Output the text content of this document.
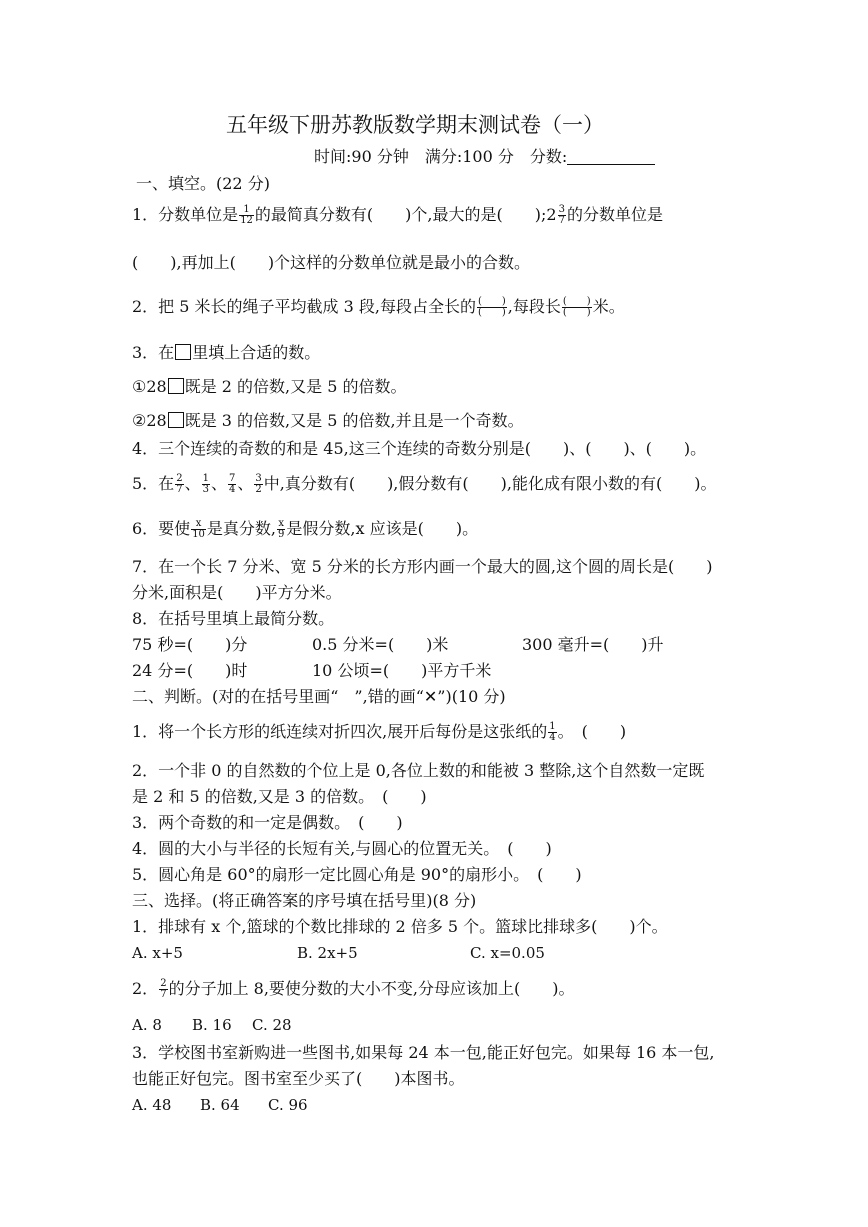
五年级下册苏教版数学期末测试卷（一）
时间:90 分钟　满分:100 分　分数:
一、填空。(22 分)
1．分数单位是 $\frac{1}{12}$ 的最简真分数有(　　)个,最大的是(　　);2 $\frac{3}{7}$ 的分数单位是
(　　),再加上(　　)个这样的分数单位就是最小的合数。
2．把 5 米长的绳子平均截成 3 段,每段占全长的 $\frac{( )}{( )}$ ,每段长 $\frac{( )}{( )}$ 米。
3．在 里填上合适的数。
①28 既是 2 的倍数,又是 5 的倍数。
②28 既是 3 的倍数,又是 5 的倍数,并且是一个奇数。
4．三个连续的奇数的和是 45,这三个连续的奇数分别是(　　)、(　　)、(　　)。
5．在 $\frac{2}{7}$ 、 $\frac{1}{3}$ 、 $\frac{7}{4}$ 、 $\frac{3}{2}$ 中,真分数有(　　),假分数有(　　),能化成有限小数的有(　　)。
6．要使 $\frac{x}{10}$ 是真分数, $\frac{x}{9}$ 是假分数,x 应该是(　　)。
7．在一个长 7 分米、宽 5 分米的长方形内画一个最大的圆,这个圆的周长是(　　)
分米,面积是(　　)平方分米。
8．在括号里填上最简分数。
75 秒=(　　)分	0.5 分米=(　　)米	300 毫升=(　　)升
24 分=(　　)时	10 公顷=(　　)平方千米
二、判断。(对的在括号里画“　”,错的画“✕”)(10 分)
1．将一个长方形的纸连续对折四次,展开后每份是这张纸的 $\frac{1}{4}$ 。　(　　)
2．一个非 0 的自然数的个位上是 0,各位上数的和能被 3 整除,这个自然数一定既
是 2 和 5 的倍数,又是 3 的倍数。　(　　)
3．两个奇数的和一定是偶数。　(　　)
4．圆的大小与半径的长短有关,与圆心的位置无关。　(　　)
5．圆心角是 60°的扇形一定比圆心角是 90°的扇形小。　(　　)
三、选择。(将正确答案的序号填在括号里)(8 分)
1．排球有 x 个,篮球的个数比排球的 2 倍多 5 个。篮球比排球多(　　)个。
A. x+5	B. 2x+5	C. x=0.05
2． $\frac{2}{7}$ 的分子加上 8,要使分数的大小不变,分母应该加上(　　)。
A. 8 B. 16 C. 28
3．学校图书室新购进一些图书,如果每 24 本一包,能正好包完。如果每 16 本一包,
也能正好包完。图书室至少买了(　　)本图书。
A. 48 B. 64 C. 96
